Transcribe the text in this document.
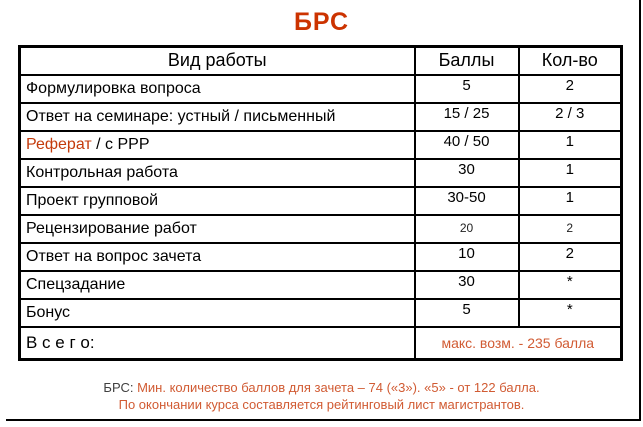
БРС
Вид работы	Баллы	Кол-во
Формулировка вопроса	5	2
Ответ на семинаре: устный / письменный	15 / 25	2 / 3
Реферат / с PPP	40 / 50	1
Контрольная работа	30	1
Проект групповой	30-50	1
Рецензирование работ	20	2
Ответ на вопрос зачета	10	2
Спецзадание	30	*
Бонус	5	*
В с е г о:	макс. возм. - 235 балла	
БРС: Мин. количество баллов для зачета – 74 («3»). «5» - от 122 балла.
По окончании курса составляется рейтинговый лист магистрантов.
